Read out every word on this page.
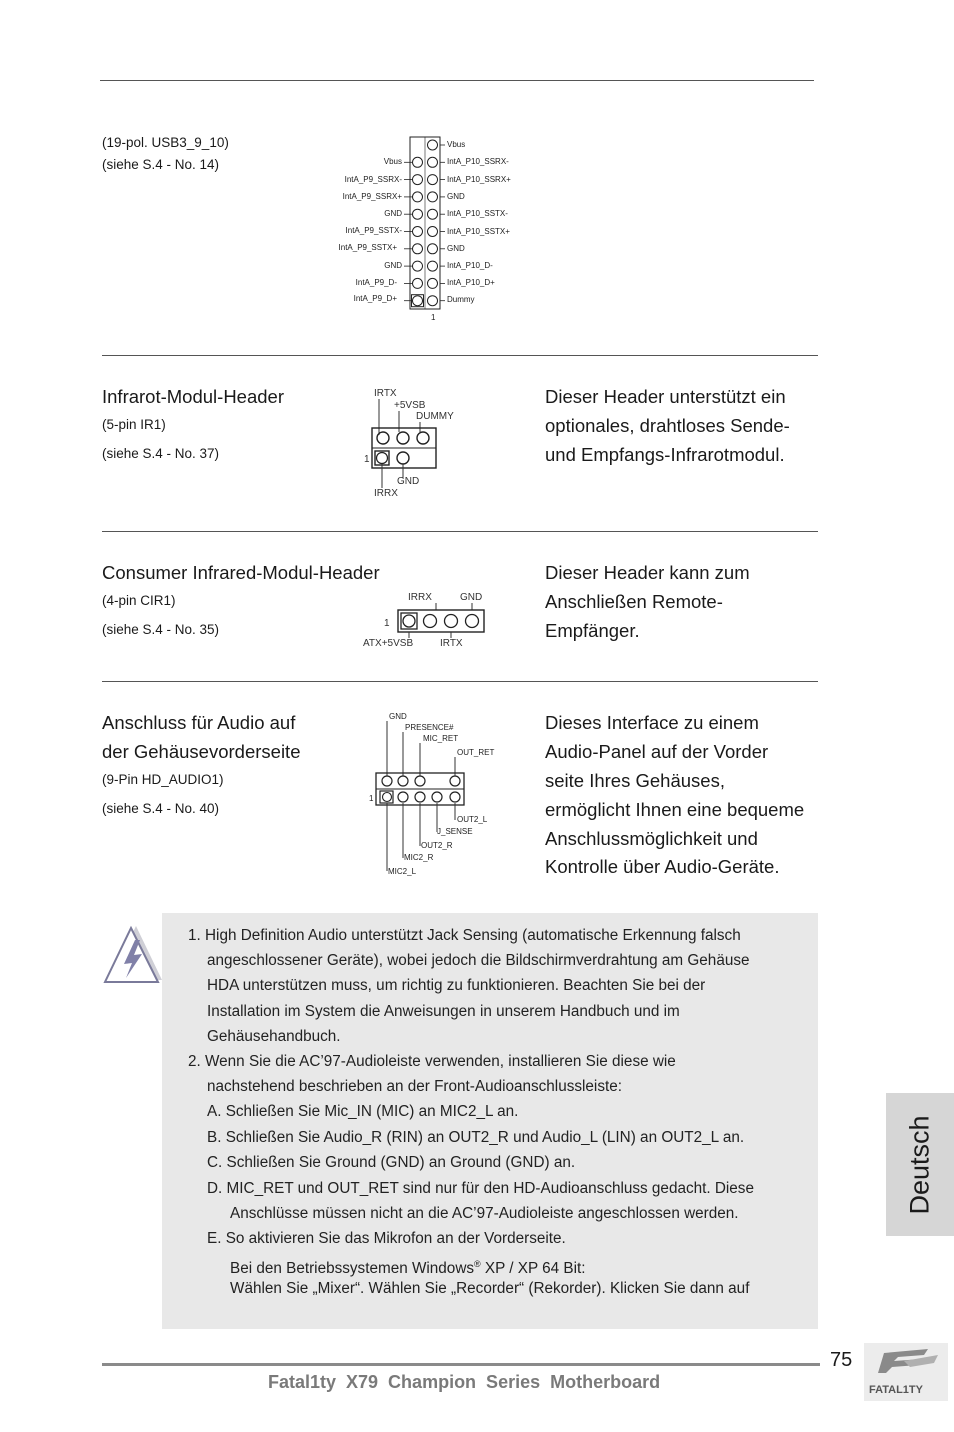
(19-pol. USB3_9_10)
(siehe S.4 - No. 14)
Vbus
Vbus
IntA_P9_SSRX-
IntA_P9_SSRX+
GND
IntA_P9_SSTX-
IntA_P9_SSTX+
GND
IntA_P9_D-
IntA_P9_D+
IntA_P10_SSRX-
IntA_P10_SSRX+
GND
IntA_P10_SSTX-
IntA_P10_SSTX+
GND
IntA_P10_D-
IntA_P10_D+
Dummy
1
Infrarot-Modul-Header
(5-pin IR1)
(siehe S.4 - No. 37)
IRTX
+5VSB
DUMMY
1
GND
IRRX
Dieser Header unterstützt ein
optionales, drahtloses Sende-
und Empfangs-Infrarotmodul.
Consumer Infrared-Modul-Header
(4-pin CIR1)
(siehe S.4 - No. 35)
IRRX	GND
1
ATX+5VSB	IRTX
Dieser Header kann zum
Anschließen Remote-
Empfänger.
Anschluss für Audio auf
der Gehäusevorderseite
(9-Pin HD_AUDIO1)
(siehe S.4 - No. 40)
GND
PRESENCE#
MIC_RET
OUT_RET
1
OUT2_L
J_SENSE
OUT2_R
MIC2_R
MIC2_L
Dieses Interface zu einem
Audio-Panel auf der Vorder
seite Ihres Gehäuses,
ermöglicht Ihnen eine bequeme
Anschlussmöglichkeit und
Kontrolle über Audio-Geräte.
1. High Definition Audio unterstützt Jack Sensing (automatische Erkennung falsch
angeschlossener Geräte), wobei jedoch die Bildschirmverdrahtung am Gehäuse
HDA unterstützen muss, um richtig zu funktionieren. Beachten Sie bei der
Installation im System die Anweisungen in unserem Handbuch und im
Gehäusehandbuch.
2. Wenn Sie die AC’97-Audioleiste verwenden, installieren Sie diese wie
nachstehend beschrieben an der Front-Audioanschlussleiste:
A. Schließen Sie Mic_IN (MIC) an MIC2_L an.
B. Schließen Sie Audio_R (RIN) an OUT2_R und Audio_L (LIN) an OUT2_L an.
C. Schließen Sie Ground (GND) an Ground (GND) an.
D. MIC_RET und OUT_RET sind nur für den HD-Audioanschluss gedacht. Diese
Anschlüsse müssen nicht an die AC’97-Audioleiste angeschlossen werden.
E. So aktivieren Sie das Mikrofon an der Vorderseite.
Bei den Betriebssystemen Windows® XP / XP 64 Bit:
Wählen Sie „Mixer“. Wählen Sie „Recorder“ (Rekorder). Klicken Sie dann auf
Deutsch
75
Fatal1ty  X79  Champion  Series  Motherboard	FATAL1TY
